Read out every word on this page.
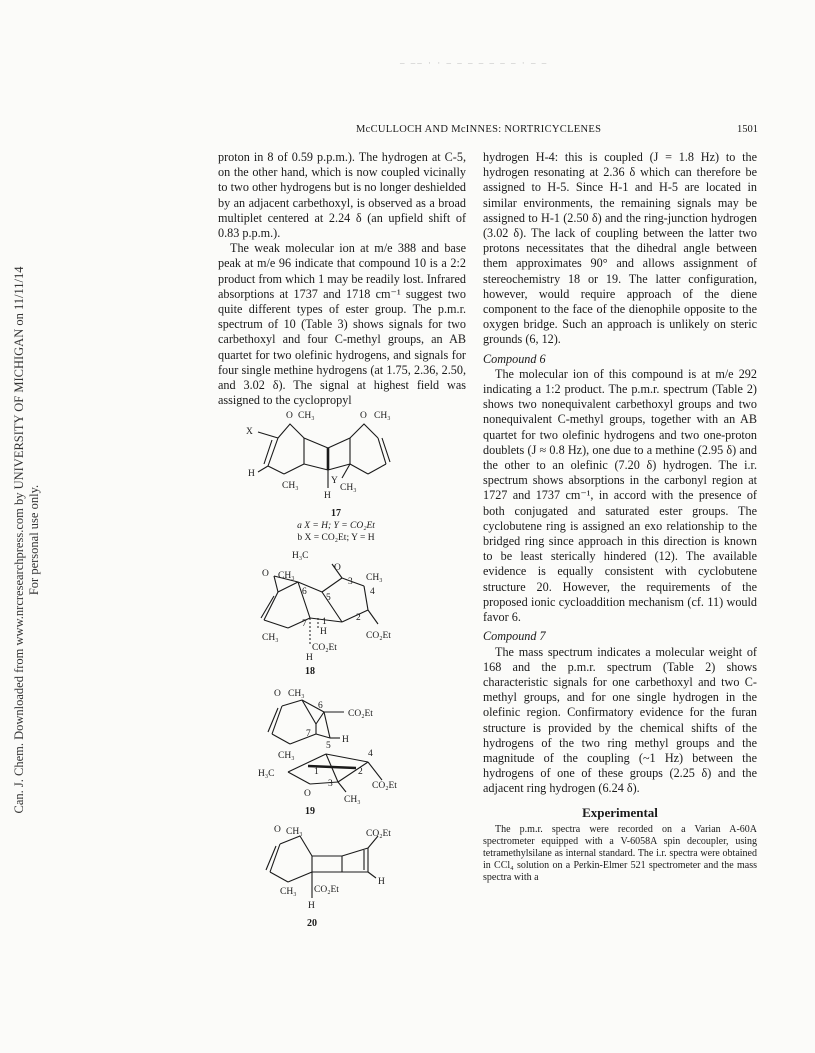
‒ ‒‒ · · ‒ ‒ ‒ ‒ ‒ ‒ ‒ · ‒ ‒
McCULLOCH AND McINNES: NORTRICYCLENES	1501
Can. J. Chem. Downloaded from www.nrcresearchpress.com by UNIVERSITY OF MICHIGAN on 11/11/14 For personal use only.

proton in 8 of 0.59 p.p.m.). The hydrogen at C-5, on the other hand, which is now coupled vicinally to two other hydrogens but is no longer deshielded by an adjacent carbethoxyl, is observed as a broad multiplet centered at 2.24 δ (an upfield shift of 0.83 p.p.m.).

The weak molecular ion at m/e 388 and base peak at m/e 96 indicate that compound 10 is a 2:2 product from which 1 may be readily lost. Infrared absorptions at 1737 and 1718 cm⁻¹ suggest two quite different types of ester group. The p.m.r. spectrum of 10 (Table 3) shows signals for two carbethoxyl and four C-methyl groups, an AB quartet for two olefinic hydrogens, and signals for four single methine hydrogens (at 1.75, 2.36, 2.50, and 3.02 δ). The signal at highest field was assigned to the cyclopropyl

O CH₃	O CH₃
X
H
CH₃	Y
CH₃
H
17
a X = H; Y = CO₂Et
b X = CO₂Et; Y = H
H₃C
O CH₃
O
CH₃
CH₃
H	CO₂Et
CO₂Et
H
6
5
3
4
7 1	2
18
O CH₃
CO₂Et
H
CH₃
H₃C
O
CO₂Et
CH₃
6
7
5
4
1	2
3
19
O CH₃	CO₂Et
H
CH₃ CO₂Et
H
20

hydrogen H-4: this is coupled (J = 1.8 Hz) to the hydrogen resonating at 2.36 δ which can therefore be assigned to H-5. Since H-1 and H-5 are located in similar environments, the remaining signals may be assigned to H-1 (2.50 δ) and the ring-junction hydrogen (3.02 δ). The lack of coupling between the latter two protons necessitates that the dihedral angle between them approximates 90° and allows assignment of stereochemistry 18 or 19. The latter configuration, however, would require approach of the diene component to the face of the dienophile opposite to the oxygen bridge. Such an approach is unlikely on steric grounds (6, 12).

Compound 6

The molecular ion of this compound is at m/e 292 indicating a 1:2 product. The p.m.r. spectrum (Table 2) shows two nonequivalent carbethoxyl groups and two nonequivalent C-methyl groups, together with an AB quartet for two olefinic hydrogens and two one-proton doublets (J ≈ 0.8 Hz), one due to a methine (2.95 δ) and the other to an olefinic (7.20 δ) hydrogen. The i.r. spectrum shows absorptions in the carbonyl region at 1727 and 1737 cm⁻¹, in accord with the presence of both conjugated and saturated ester groups. The cyclobutene ring is assigned an exo relationship to the bridged ring since approach in this direction is known to be least sterically hindered (12). The available evidence is equally consistent with cyclobutene structure 20. However, the requirements of the proposed ionic cycloaddition mechanism (cf. 11) would favor 6.

Compound 7

The mass spectrum indicates a molecular weight of 168 and the p.m.r. spectrum (Table 2) shows characteristic signals for one carbethoxyl and two C-methyl groups, and for one single hydrogen in the olefinic region. Confirmatory evidence for the furan structure is provided by the chemical shifts of the hydrogens of the two ring methyl groups and the magnitude of the coupling (~1 Hz) between the hydrogens of one of these groups (2.25 δ) and the adjacent ring hydrogen (6.24 δ).

Experimental

The p.m.r. spectra were recorded on a Varian A-60A spectrometer equipped with a V-6058A spin decoupler, using tetramethylsilane as internal standard. The i.r. spectra were obtained in CCl₄ solution on a Perkin-Elmer 521 spectrometer and the mass spectra with a
